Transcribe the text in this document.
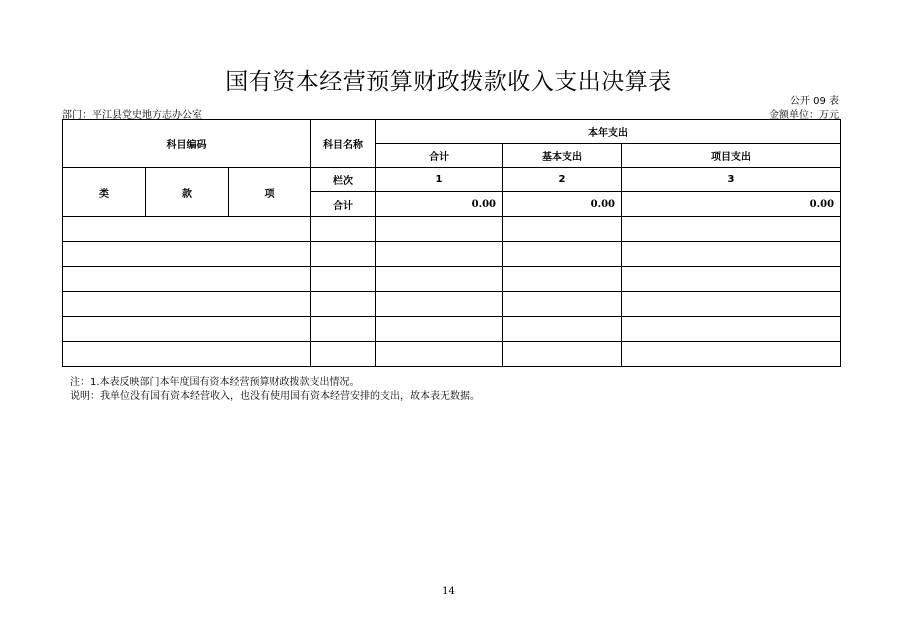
国有资本经营预算财政拨款收入支出决算表
公开 09 表
金额单位：万元
部门：平江县党史地方志办公室
科目编码			科目名称	本年支出		
				合计	基本支出	项目支出
类	款	项	栏次	1	2	3
			合计	0.00	0.00	0.00

注：1.本表反映部门本年度国有资本经营预算财政拨款支出情况。
说明：我单位没有国有资本经营收入，也没有使用国有资本经营安排的支出，故本表无数据。
14
